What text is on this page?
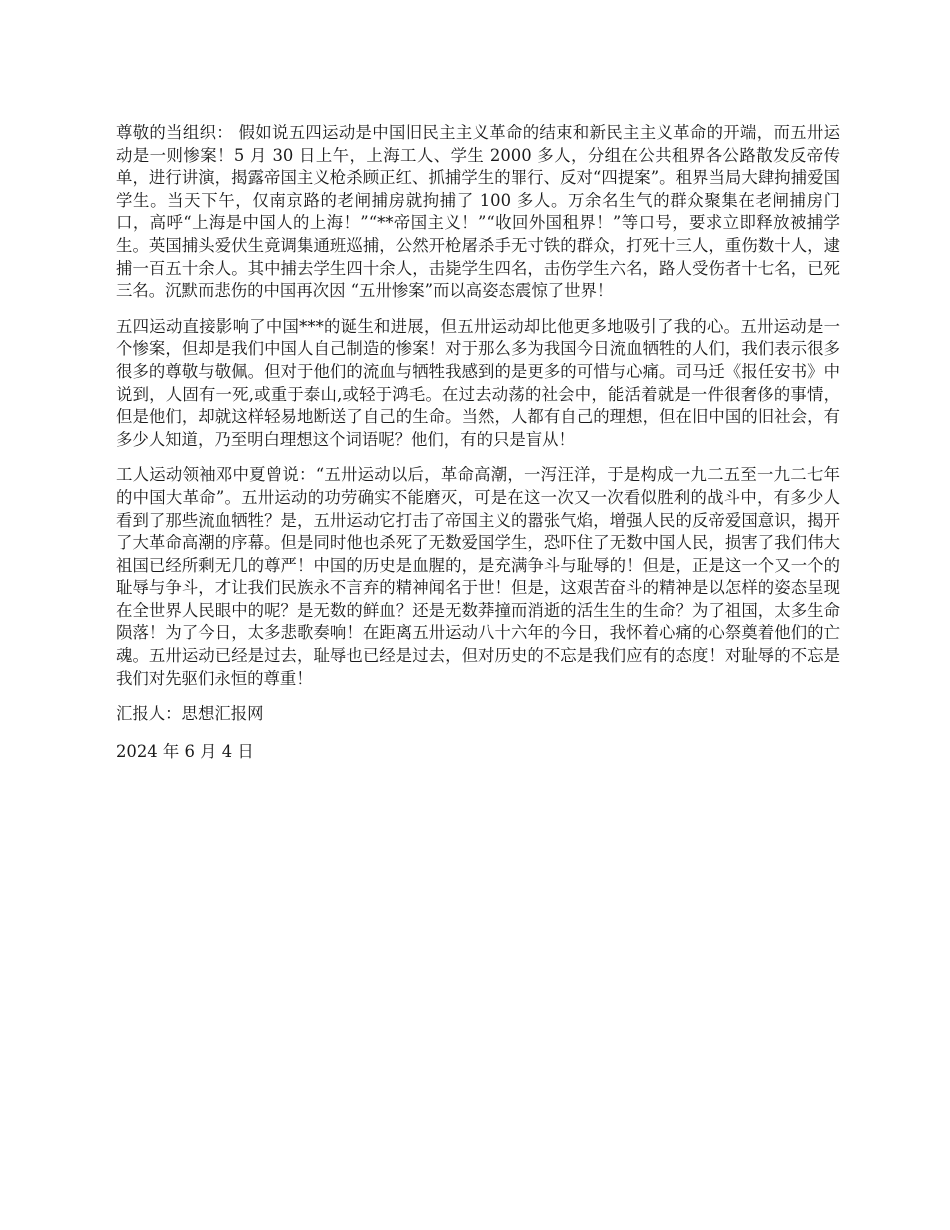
尊敬的当组织： 假如说五四运动是中国旧民主主义革命的结束和新民主主义革命的开端，而五卅运动是一则惨案！5 月 30 日上午，上海工人、学生 2000 多人，分组在公共租界各公路散发反帝传单，进行讲演，揭露帝国主义枪杀顾正红、抓捕学生的罪行、反对“四提案”。租界当局大肆拘捕爱国学生。当天下午，仅南京路的老闸捕房就拘捕了 100 多人。万余名生气的群众聚集在老闸捕房门口，高呼“上海是中国人的上海！”“**帝国主义！”“收回外国租界！”等口号，要求立即释放被捕学生。英国捕头爱伏生竟调集通班巡捕，公然开枪屠杀手无寸铁的群众，打死十三人，重伤数十人，逮捕一百五十余人。其中捕去学生四十余人，击毙学生四名，击伤学生六名，路人受伤者十七名，已死三名。沉默而悲伤的中国再次因 “五卅惨案”而以高姿态震惊了世界！

五四运动直接影响了中国***的诞生和进展，但五卅运动却比他更多地吸引了我的心。五卅运动是一个惨案，但却是我们中国人自己制造的惨案！对于那么多为我国今日流血牺牲的人们，我们表示很多很多的尊敬与敬佩。但对于他们的流血与牺牲我感到的是更多的可惜与心痛。司马迁《报任安书》中说到，人固有一死,或重于泰山,或轻于鸿毛。在过去动荡的社会中，能活着就是一件很奢侈的事情，但是他们，却就这样轻易地断送了自己的生命。当然，人都有自己的理想，但在旧中国的旧社会，有多少人知道，乃至明白理想这个词语呢？他们，有的只是盲从！

工人运动领袖邓中夏曾说：“五卅运动以后，革命高潮，一泻汪洋，于是构成一九二五至一九二七年的中国大革命”。五卅运动的功劳确实不能磨灭，可是在这一次又一次看似胜利的战斗中，有多少人看到了那些流血牺牲？是，五卅运动它打击了帝国主义的嚣张气焰，增强人民的反帝爱国意识，揭开了大革命高潮的序幕。但是同时他也杀死了无数爱国学生，恐吓住了无数中国人民，损害了我们伟大祖国已经所剩无几的尊严！中国的历史是血腥的，是充满争斗与耻辱的！但是，正是这一个又一个的耻辱与争斗，才让我们民族永不言弃的精神闻名于世！但是，这艰苦奋斗的精神是以怎样的姿态呈现在全世界人民眼中的呢？是无数的鲜血？还是无数莽撞而消逝的活生生的生命？为了祖国，太多生命陨落！为了今日，太多悲歌奏响！在距离五卅运动八十六年的今日，我怀着心痛的心祭奠着他们的亡魂。五卅运动已经是过去，耻辱也已经是过去，但对历史的不忘是我们应有的态度！对耻辱的不忘是我们对先驱们永恒的尊重！

汇报人：思想汇报网

2024 年 6 月 4 日
